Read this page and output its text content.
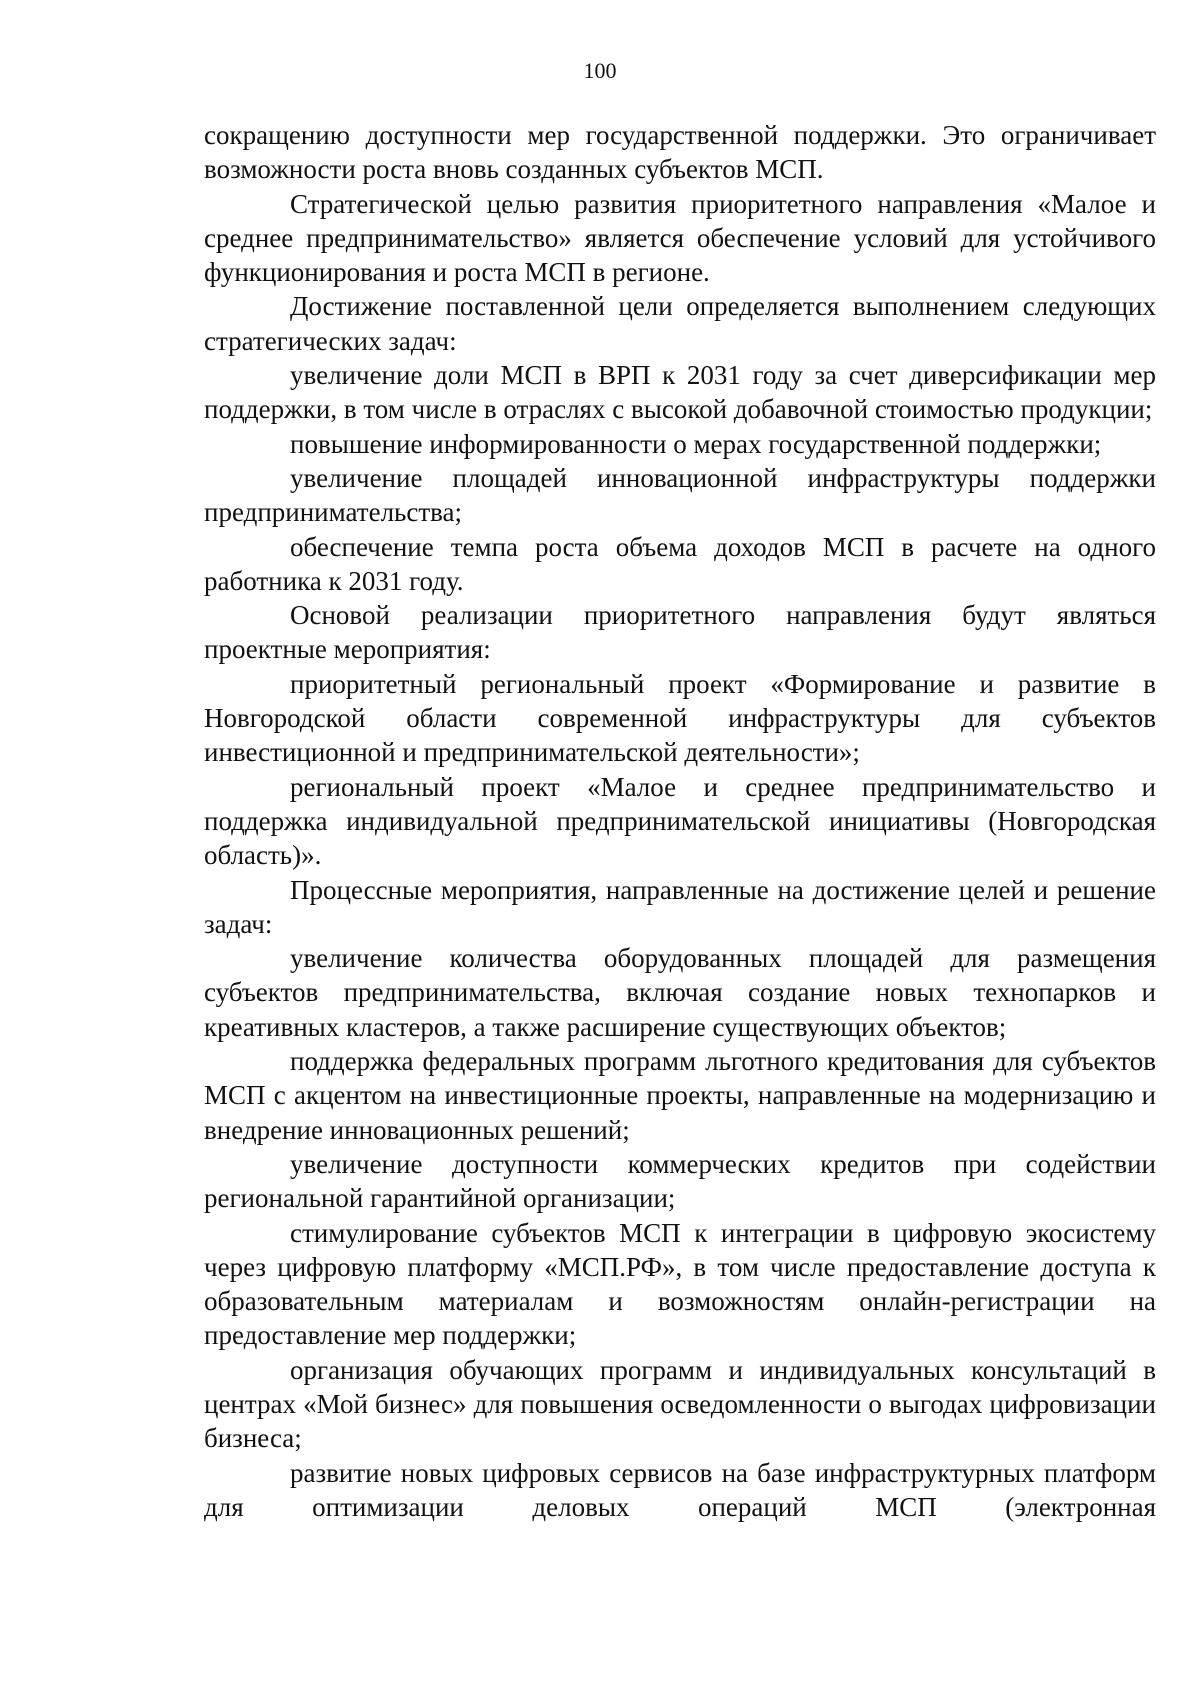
100

сокращению доступности мер государственной поддержки. Это ограничивает возможности роста вновь созданных субъектов МСП.

Стратегической целью развития приоритетного направления «Малое и среднее предпринимательство» является обеспечение условий для устойчивого функционирования и роста МСП в регионе.

Достижение поставленной цели определяется выполнением следующих стратегических задач:

увеличение доли МСП в ВРП к 2031 году за счет диверсификации мер поддержки, в том числе в отраслях с высокой добавочной стоимостью продукции;

повышение информированности о мерах государственной поддержки;

увеличение площадей инновационной инфраструктуры поддержки предпринимательства;

обеспечение темпа роста объема доходов МСП в расчете на одного работника к 2031 году.

Основой реализации приоритетного направления будут являться проектные мероприятия:

приоритетный региональный проект «Формирование и развитие в Новгородской области современной инфраструктуры для субъектов инвестиционной и предпринимательской деятельности»;

региональный проект «Малое и среднее предпринимательство и поддержка индивидуальной предпринимательской инициативы (Новгородская область)».

Процессные мероприятия, направленные на достижение целей и решение задач:

увеличение количества оборудованных площадей для размещения субъектов предпринимательства, включая создание новых технопарков и креативных кластеров, а также расширение существующих объектов;

поддержка федеральных программ льготного кредитования для субъектов МСП с акцентом на инвестиционные проекты, направленные на модернизацию и внедрение инновационных решений;

увеличение доступности коммерческих кредитов при содействии региональной гарантийной организации;

стимулирование субъектов МСП к интеграции в цифровую экосистему через цифровую платформу «МСП.РФ», в том числе предоставление доступа к образовательным материалам и возможностям онлайн-регистрации на предоставление мер поддержки;

организация обучающих программ и индивидуальных консультаций в центрах «Мой бизнес» для повышения осведомленности о выгодах цифровизации бизнеса;

развитие новых цифровых сервисов на базе инфраструктурных платформ для оптимизации деловых операций МСП (электронная
